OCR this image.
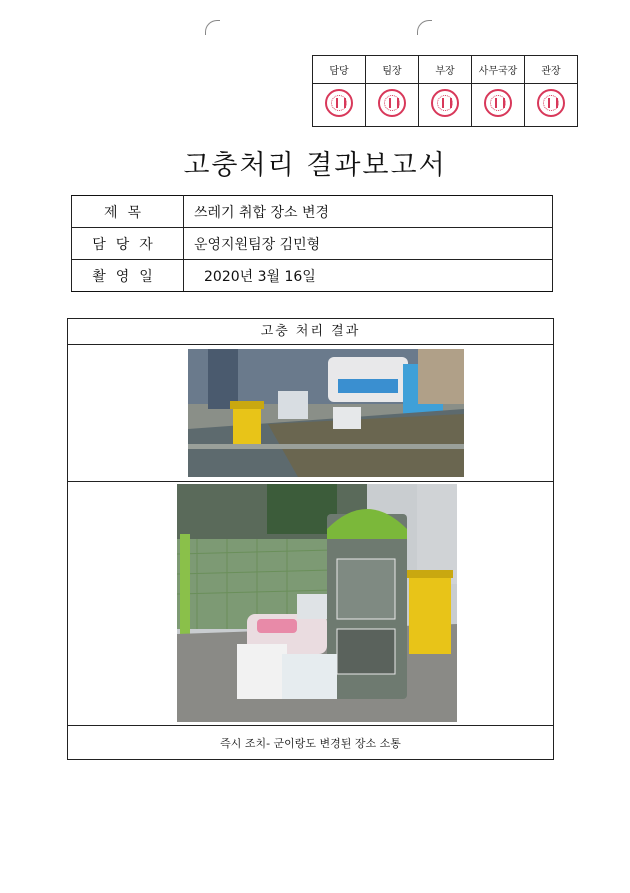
담당	팀장	부장	사무국장	관장

고충처리 결과보고서
제목	쓰레기 취합 장소 변경
담당자	운영지원팀장 김민형
촬영일	2020년 3월 16일
고충 처리 결과
즉시 조치- 군이랑도 변경된 장소 소통
